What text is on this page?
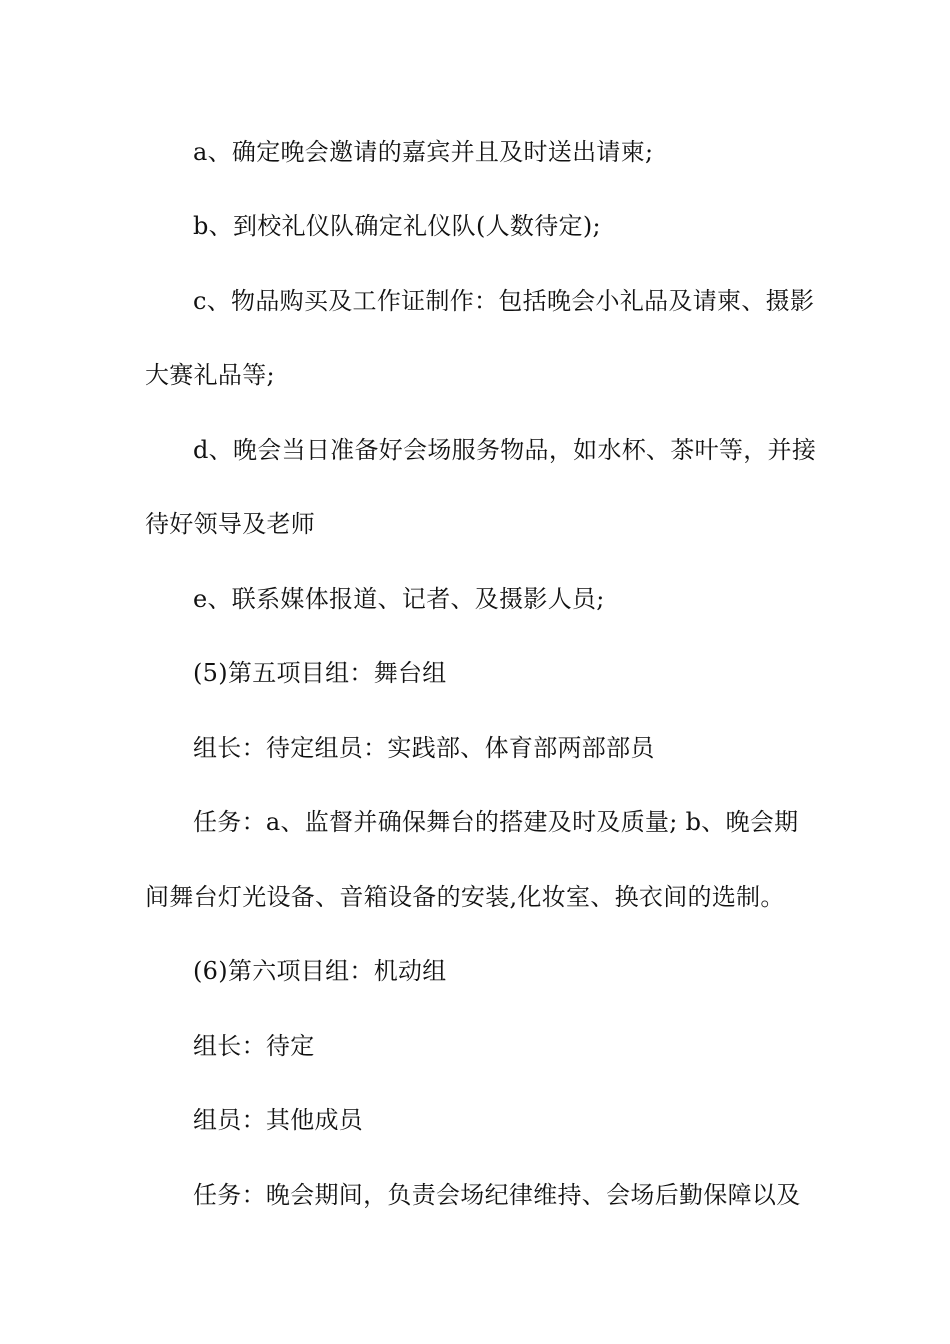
a、确定晚会邀请的嘉宾并且及时送出请柬;
b、到校礼仪队确定礼仪队(人数待定);
c、物品购买及工作证制作：包括晚会小礼品及请柬、摄影
大赛礼品等;
d、晚会当日准备好会场服务物品，如水杯、茶叶等，并接
待好领导及老师
e、联系媒体报道、记者、及摄影人员;
(5)第五项目组：舞台组
组长：待定组员：实践部、体育部两部部员
任务：a、监督并确保舞台的搭建及时及质量; b、晚会期
间舞台灯光设备、音箱设备的安装,化妆室、换衣间的选制。
(6)第六项目组：机动组
组长：待定
组员：其他成员
任务：晚会期间，负责会场纪律维持、会场后勤保障以及
